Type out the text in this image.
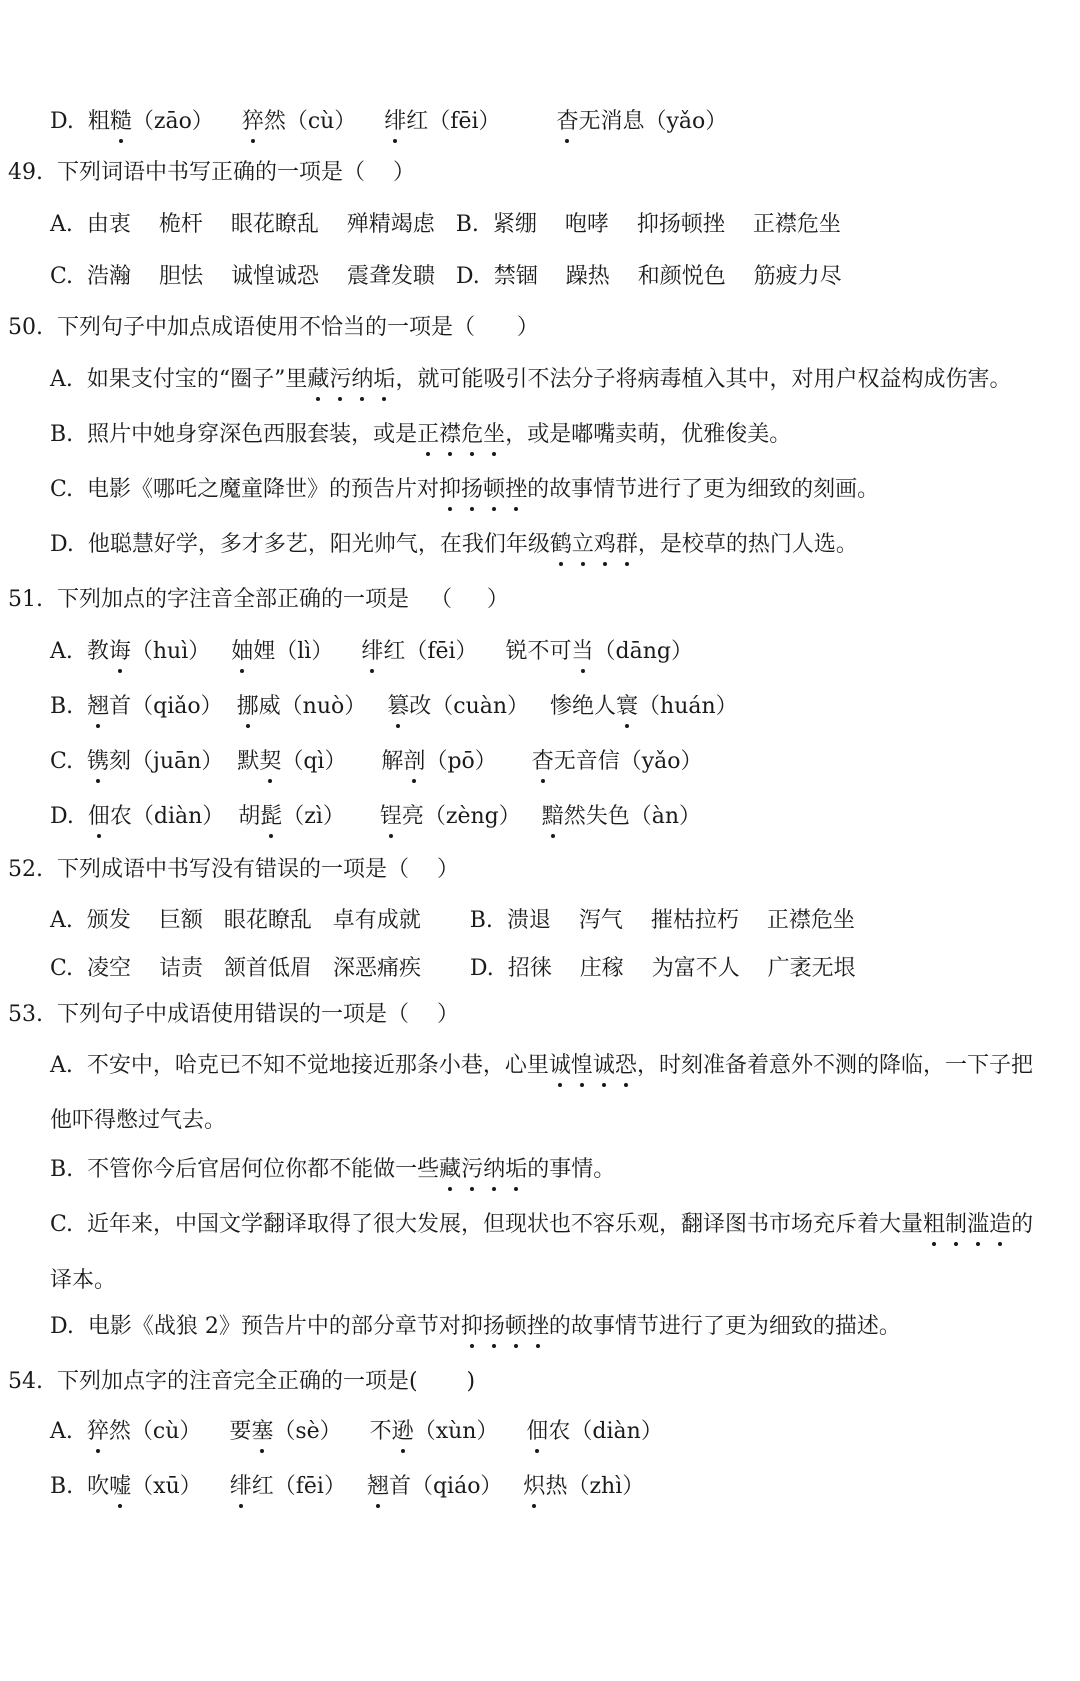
D.  粗糙（zāo）    猝然（cù）    绯红（fēi）        杳无消息（yǎo）
49.  下列词语中书写正确的一项是（    ）
A.  由衷    桅杆    眼花瞭乱    殚精竭虑   B.  紧绷    咆哮    抑扬顿挫    正襟危坐
C.  浩瀚    胆怯    诚惶诚恐    震聋发聩   D.  禁锢    躁热    和颜悦色    筋疲力尽
50.  下列句子中加点成语使用不恰当的一项是（      ）
A.  如果支付宝的“圈子”里藏污纳垢，就可能吸引不法分子将病毒植入其中，对用户权益构成伤害。
B.  照片中她身穿深色西服套装，或是正襟危坐，或是嘟嘴卖萌，优雅俊美。
C.  电影《哪吒之魔童降世》的预告片对抑扬顿挫的故事情节进行了更为细致的刻画。
D.  他聪慧好学，多才多艺，阳光帅气，在我们年级鹤立鸡群，是校草的热门人选。
51.  下列加点的字注音全部正确的一项是   （     ）
A.  教诲（huì）   妯娌（lì）    绯红（fēi）    锐不可当（dāng）
B.  翘首（qiǎo）  挪威（nuò）   篡改（cuàn）   惨绝人寰（huán）
C.  镌刻（juān）  默契（qì）     解剖（pō）     杳无音信（yǎo）
D.  佃农（diàn）  胡髭（zì）     锃亮（zèng）   黯然失色（àn）
52.  下列成语中书写没有错误的一项是（    ）
A.  颁发    巨额   眼花瞭乱   卓有成就       B.  溃退    泻气    摧枯拉朽    正襟危坐
C.  凌空    诘责   颔首低眉   深恶痛疾       D.  招徕    庄稼    为富不人    广袤无垠
53.  下列句子中成语使用错误的一项是（    ）
A.  不安中，哈克已不知不觉地接近那条小巷，心里诚惶诚恐，时刻准备着意外不测的降临，一下子把
他吓得憋过气去。
B.  不管你今后官居何位你都不能做一些藏污纳垢的事情。
C.  近年来，中国文学翻译取得了很大发展，但现状也不容乐观，翻译图书市场充斥着大量粗制滥造的
译本。
D.  电影《战狼 2》预告片中的部分章节对抑扬顿挫的故事情节进行了更为细致的描述。
54.  下列加点字的注音完全正确的一项是(       )
A.  猝然（cù）    要塞（sè）    不逊（xùn）    佃农（diàn）
B.  吹嘘（xū）    绯红（fēi）   翘首（qiáo）   炽热（zhì）
